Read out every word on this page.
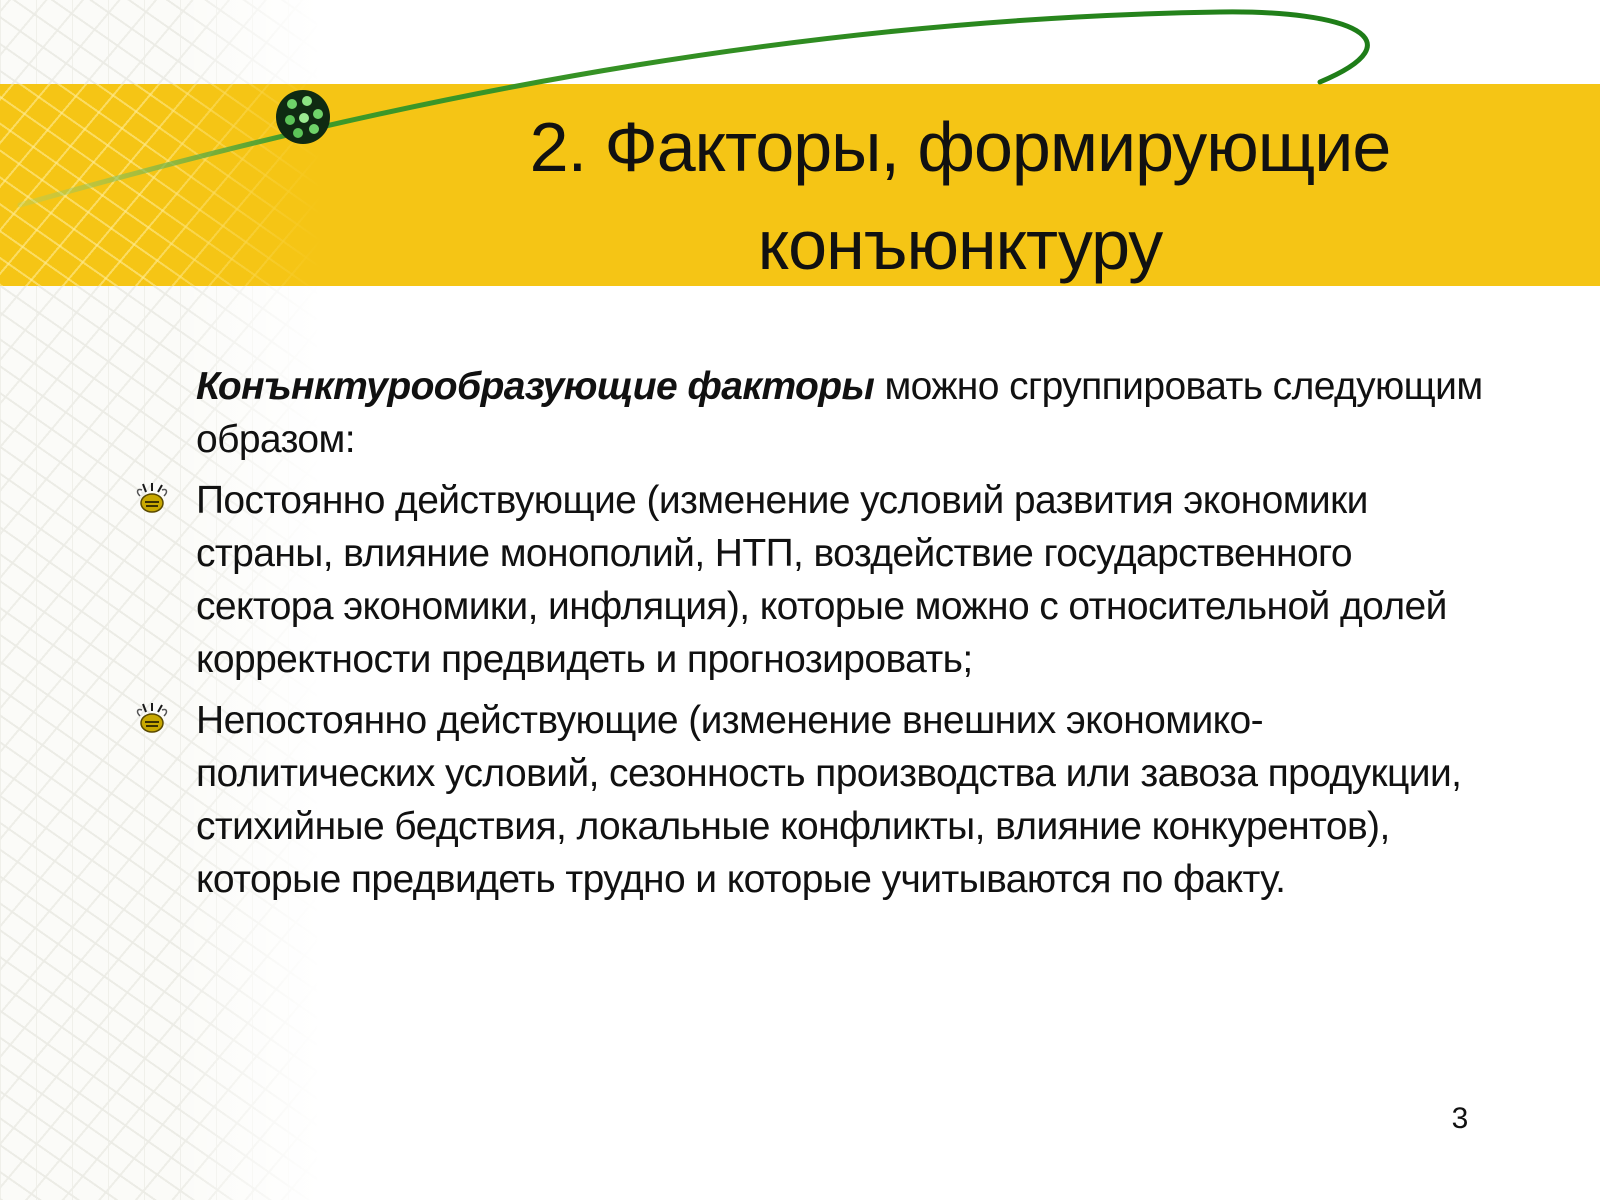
2. Факторы, формирующие
конъюнктуру

Конънктурообразующие факторы можно сгруппировать следующим образом:

Постоянно действующие (изменение условий развития экономики страны, влияние монополий, НТП, воздействие государственного сектора экономики, инфляция), которые можно с относительной долей корректности предвидеть и прогнозировать;
Непостоянно действующие (изменение внешних экономико-политических условий, сезонность производства или завоза продукции, стихийные бедствия, локальные конфликты, влияние конкурентов), которые предвидеть трудно и которые учитываются по факту.
3
